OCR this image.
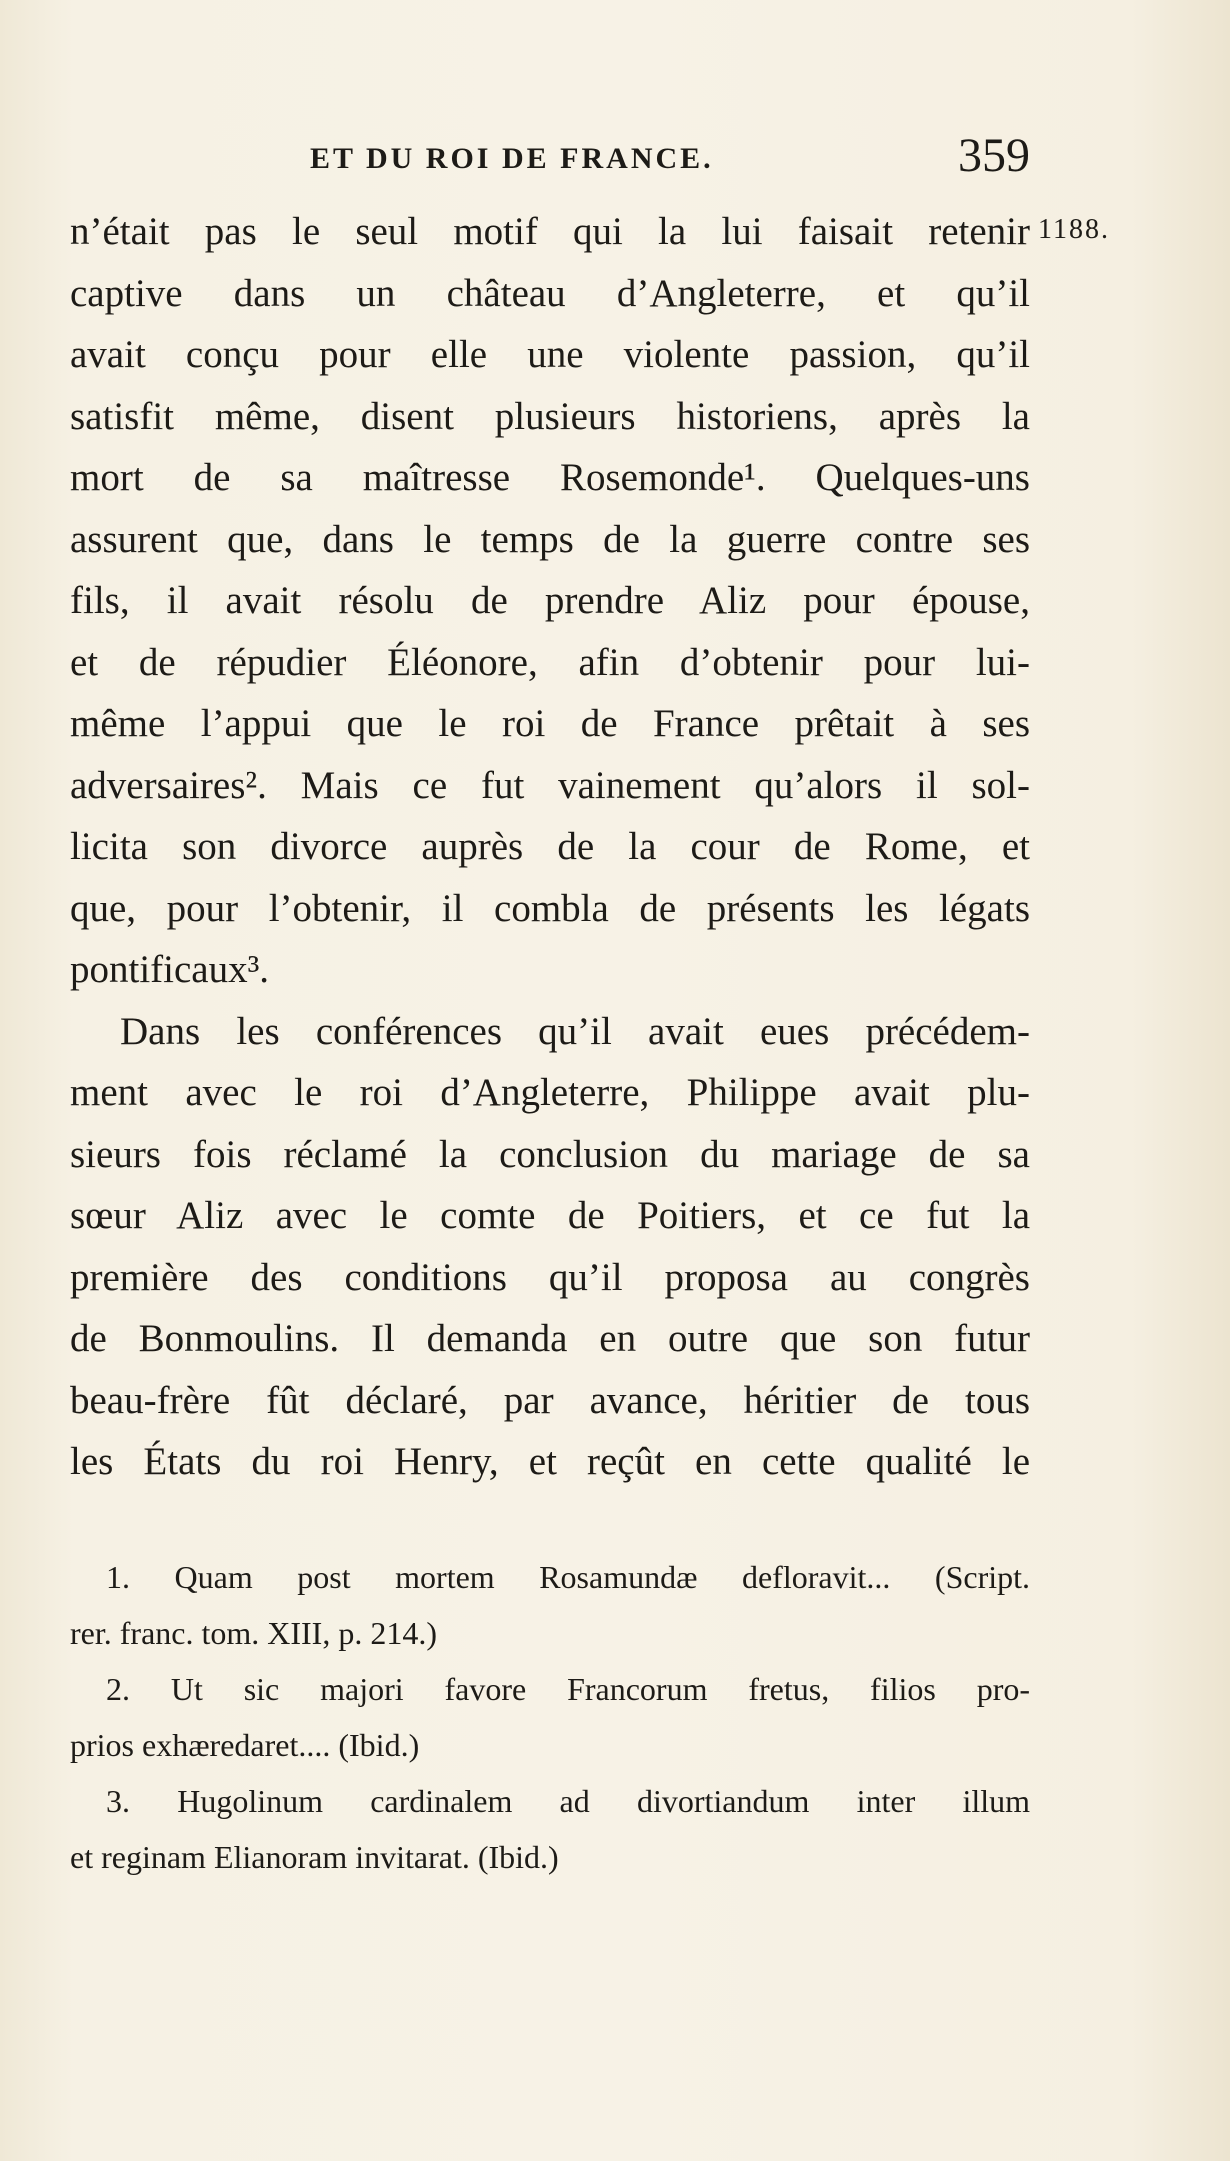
ET DU ROI DE FRANCE.	359
1188.
n’était pas le seul motif qui la lui faisait retenir
captive dans un château d’Angleterre, et qu’il
avait conçu pour elle une violente passion, qu’il
satisfit même, disent plusieurs historiens, après la
mort de sa maîtresse Rosemonde¹. Quelques-uns
assurent que, dans le temps de la guerre contre ses
fils, il avait résolu de prendre Aliz pour épouse,
et de répudier Éléonore, afin d’obtenir pour lui-
même l’appui que le roi de France prêtait à ses
adversaires². Mais ce fut vainement qu’alors il sol-
licita son divorce auprès de la cour de Rome, et
que, pour l’obtenir, il combla de présents les légats
pontificaux³.
Dans les conférences qu’il avait eues précédem-
ment avec le roi d’Angleterre, Philippe avait plu-
sieurs fois réclamé la conclusion du mariage de sa
sœur Aliz avec le comte de Poitiers, et ce fut la
première des conditions qu’il proposa au congrès
de Bonmoulins. Il demanda en outre que son futur
beau-frère fût déclaré, par avance, héritier de tous
les États du roi Henry, et reçût en cette qualité le
1. Quam post mortem Rosamundæ defloravit... (Script.
rer. franc. tom. XIII, p. 214.)
2. Ut sic majori favore Francorum fretus, filios pro-
prios exhæredaret.... (Ibid.)
3. Hugolinum cardinalem ad divortiandum inter illum
et reginam Elianoram invitarat. (Ibid.)
